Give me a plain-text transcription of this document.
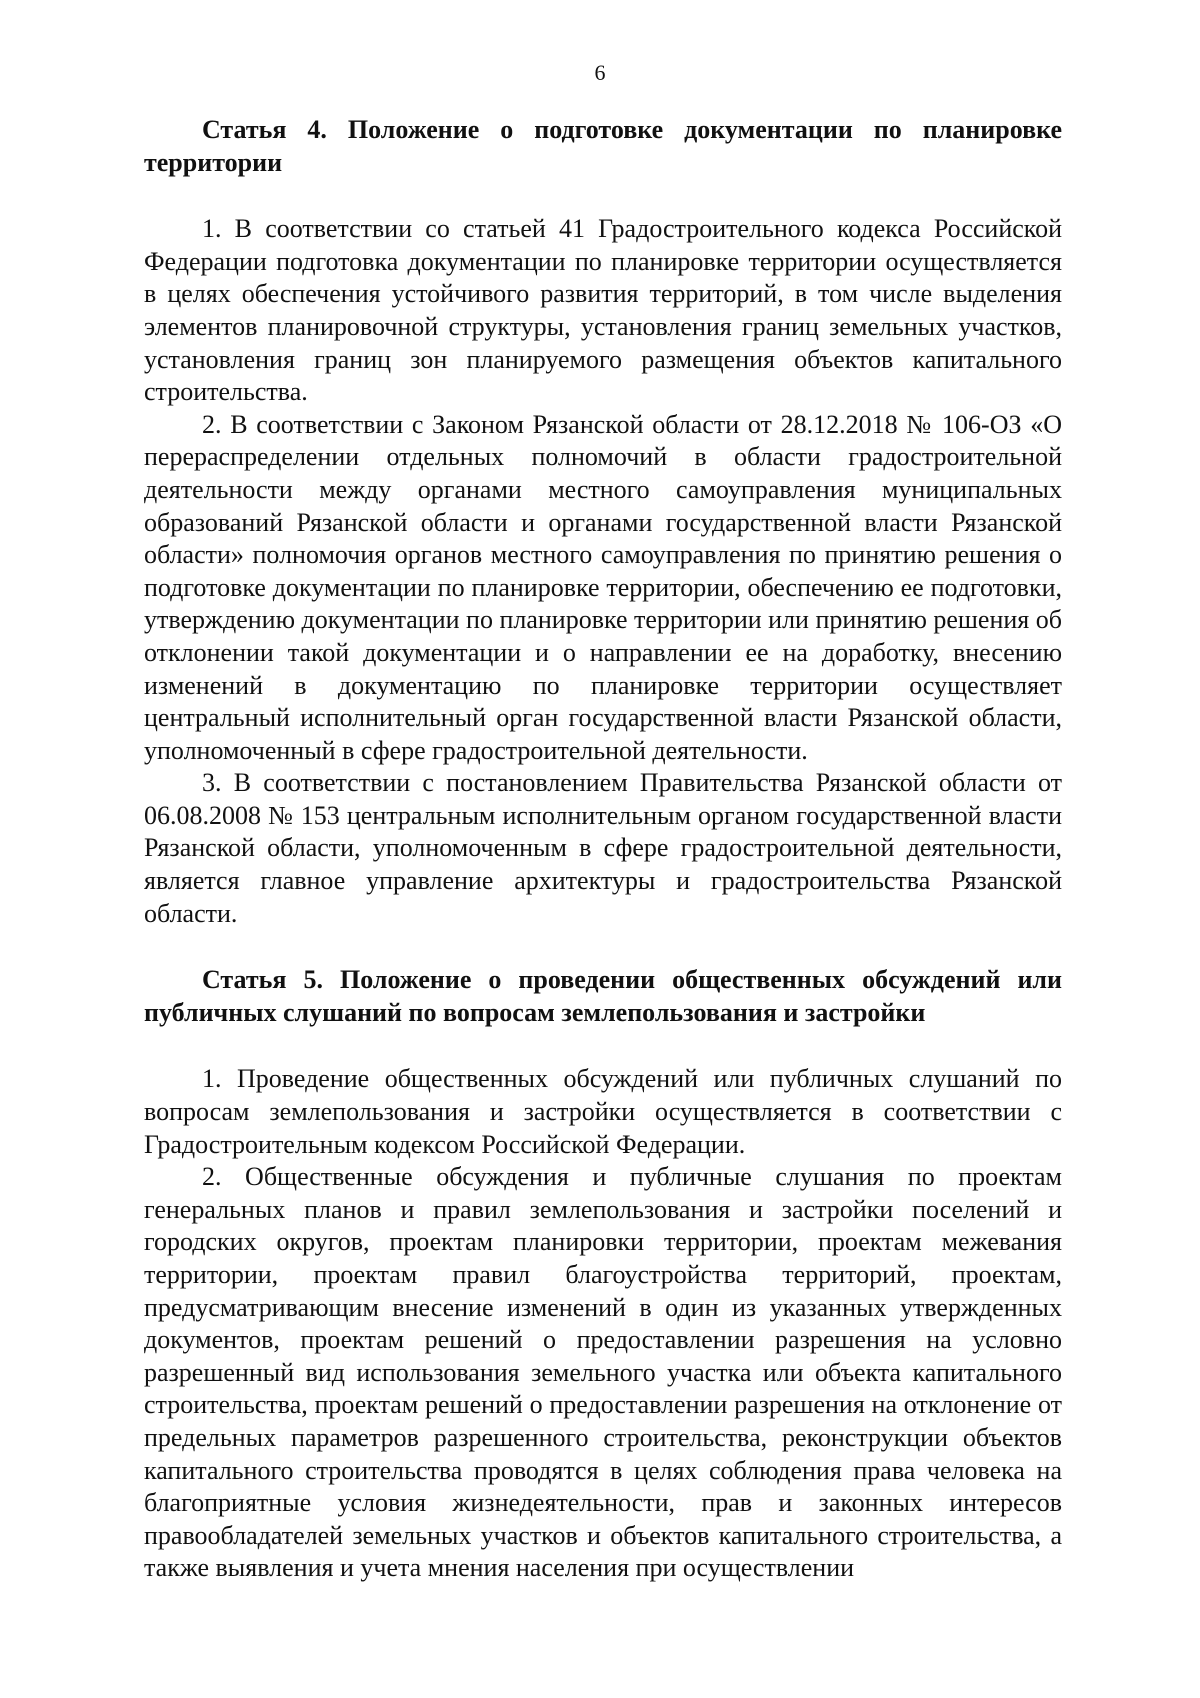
6

Статья 4. Положение о подготовке документации по планировке территории

1. В соответствии со статьей 41 Градостроительного кодекса Российской Федерации подготовка документации по планировке территории осуществляется в целях обеспечения устойчивого развития территорий, в том числе выделения элементов планировочной структуры, установления границ земельных участков, установления границ зон планируемого размещения объектов капитального строительства.

2. В соответствии с Законом Рязанской области от 28.12.2018 № 106-ОЗ «О перераспределении отдельных полномочий в области градостроительной деятельности между органами местного самоуправления муниципальных образований Рязанской области и органами государственной власти Рязанской области» полномочия органов местного самоуправления по принятию решения о подготовке документации по планировке территории, обеспечению ее подготовки, утверждению документации по планировке территории или принятию решения об отклонении такой документации и о направлении ее на доработку, внесению изменений в документацию по планировке территории осуществляет центральный исполнительный орган государственной власти Рязанской области, уполномоченный в сфере градостроительной деятельности.

3. В соответствии с постановлением Правительства Рязанской области от 06.08.2008 № 153 центральным исполнительным органом государственной власти Рязанской области, уполномоченным в сфере градостроительной деятельности, является главное управление архитектуры и градостроительства Рязанской области.

Статья 5. Положение о проведении общественных обсуждений или публичных слушаний по вопросам землепользования и застройки

1. Проведение общественных обсуждений или публичных слушаний по вопросам землепользования и застройки осуществляется в соответствии с Градостроительным кодексом Российской Федерации.

2. Общественные обсуждения и публичные слушания по проектам генеральных планов и правил землепользования и застройки поселений и городских округов, проектам планировки территории, проектам межевания территории, проектам правил благоустройства территорий, проектам, предусматривающим внесение изменений в один из указанных утвержденных документов, проектам решений о предоставлении разрешения на условно разрешенный вид использования земельного участка или объекта капитального строительства, проектам решений о предоставлении разрешения на отклонение от предельных параметров разрешенного строительства, реконструкции объектов капитального строительства проводятся в целях соблюдения права человека на благоприятные условия жизнедеятельности, прав и законных интересов правообладателей земельных участков и объектов капитального строительства, а также выявления и учета мнения населения при осуществлении
